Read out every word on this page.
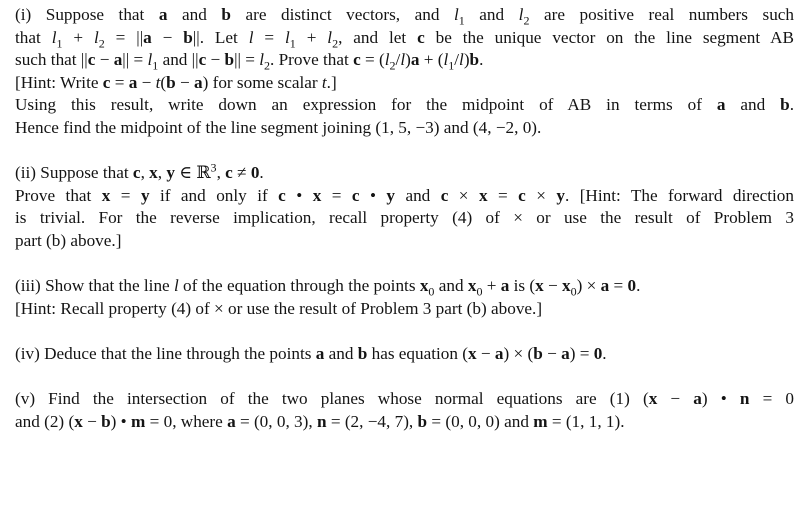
(i) Suppose that a and b are distinct vectors, and $l_1$ and $l_2$ are positive real numbers such
that $l_1 + l_2 = ||a - b||$. Let $l = l_1 + l_2$, and let c be the unique vector on the line segment AB
such that $||c - a|| = l_1$ and $||c - b|| = l_2$. Prove that $c = (l_2/l)a + (l_1/l)b$.
[Hint: Write c = a − t(b − a) for some scalar t.]
Using this result, write down an expression for the midpoint of AB in terms of a and b.
Hence find the midpoint of the line segment joining (1, 5, −3) and (4, −2, 0).
(ii) Suppose that c, x, y ∈ ℝ$^3$, c ≠ 0.
Prove that x = y if and only if c • x = c • y and c × x = c × y. [Hint: The forward direction
is trivial. For the reverse implication, recall property (4) of × or use the result of Problem 3
part (b) above.]
(iii) Show that the line l of the equation through the points $x_0$ and $x_0 + a$ is $(x - x_0) \times a = 0$.
[Hint: Recall property (4) of × or use the result of Problem 3 part (b) above.]
(iv) Deduce that the line through the points a and b has equation (x − a) × (b − a) = 0.
(v) Find the intersection of the two planes whose normal equations are (1) (x − a) • n = 0
and (2) (x − b) • m = 0, where a = (0, 0, 3), n = (2, −4, 7), b = (0, 0, 0) and m = (1, 1, 1).
